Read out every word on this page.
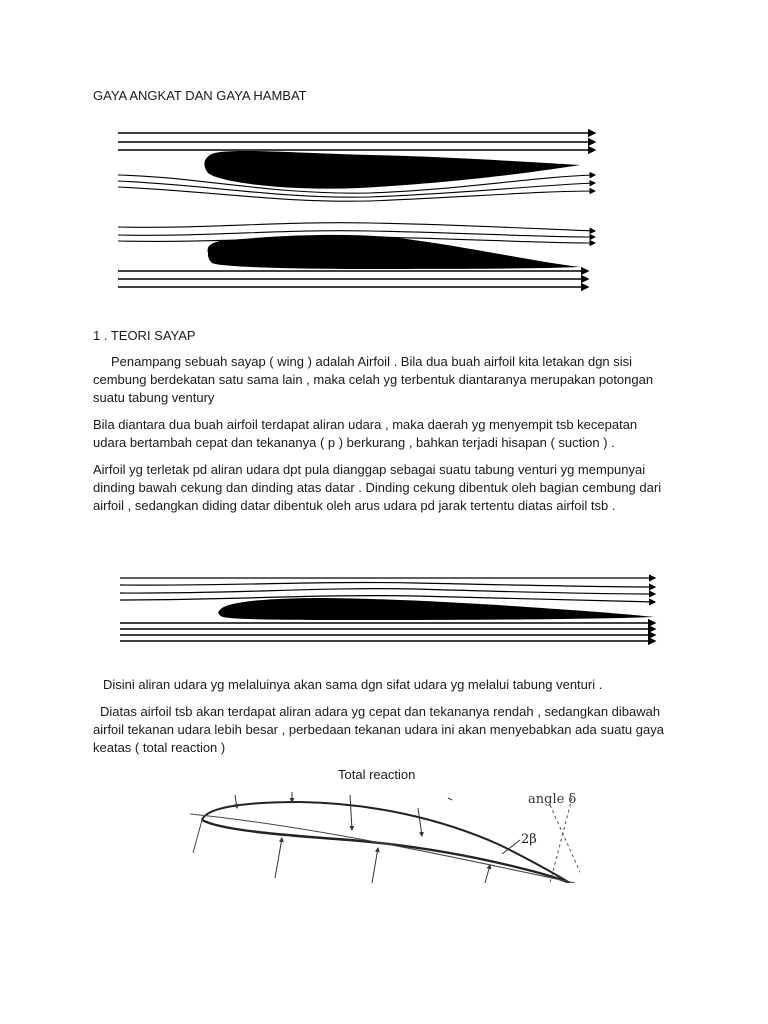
GAYA ANGKAT DAN GAYA HAMBAT
1 . TEORI SAYAP
Penampang sebuah sayap ( wing ) adalah Airfoil . Bila dua buah airfoil kita letakan dgn sisi
cembung berdekatan satu sama lain , maka celah yg terbentuk diantaranya merupakan potongan
suatu tabung ventury
Bila diantara dua buah airfoil terdapat aliran udara , maka daerah yg menyempit tsb kecepatan
udara bertambah cepat dan tekananya ( p ) berkurang , bahkan terjadi hisapan ( suction ) .
Airfoil yg terletak pd aliran udara dpt pula dianggap sebagai suatu tabung venturi yg mempunyai
dinding bawah cekung dan dinding atas datar . Dinding cekung dibentuk oleh bagian cembung dari
airfoil , sedangkan diding datar dibentuk oleh arus udara pd jarak tertentu diatas airfoil tsb .
Disini aliran udara yg melaluinya akan sama dgn sifat udara yg melalui tabung venturi .
Diatas airfoil tsb akan terdapat aliran adara yg cepat dan tekananya rendah , sedangkan dibawah
airfoil tekanan udara lebih besar , perbedaan tekanan udara ini akan menyebabkan ada suatu gaya
keatas ( total reaction )
Total reaction
2β
angle δ
